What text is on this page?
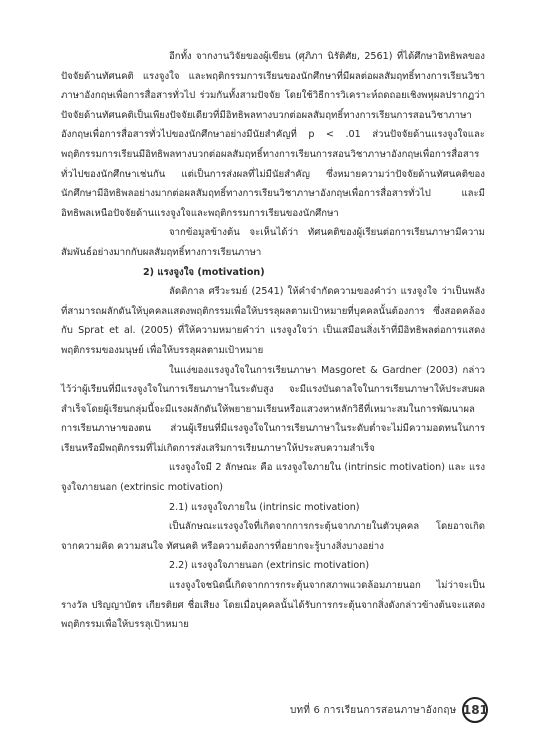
อีกทั้ง จากงานวิจัยของผู้เขียน (ศุภิภา นิรัติศัย, 2561) ที่ได้ศึกษาอิทธิพลของปัจจัยด้านทัศนคติ แรงจูงใจ และพฤติกรรมการเรียนของนักศึกษาที่มีผลต่อผลสัมฤทธิ์ทางการเรียนวิชาภาษาอังกฤษเพื่อการสื่อสารทั่วไป ร่วมกันทั้งสามปัจจัย โดยใช้วิธีการวิเคราะห์ถดถอยเชิงพหุผลปรากฏว่า ปัจจัยด้านทัศนคติเป็นเพียงปัจจัยเดียวที่มีอิทธิพลทางบวกต่อผลสัมฤทธิ์ทางการเรียนการสอนวิชาภาษาอังกฤษเพื่อการสื่อสารทั่วไปของนักศึกษาอย่างมีนัยสำคัญที่ p < .01 ส่วนปัจจัยด้านแรงจูงใจและพฤติกรรมการเรียนมีอิทธิพลทางบวกต่อผลสัมฤทธิ์ทางการเรียนการสอนวิชาภาษาอังกฤษเพื่อการสื่อสารทั่วไปของนักศึกษาเช่นกัน แต่เป็นการส่งผลที่ไม่มีนัยสำคัญ ซึ่งหมายความว่าปัจจัยด้านทัศนคติของนักศึกษามีอิทธิพลอย่างมากต่อผลสัมฤทธิ์ทางการเรียนวิชาภาษาอังกฤษเพื่อการสื่อสารทั่วไป และมีอิทธิพลเหนือปัจจัยด้านแรงจูงใจและพฤติกรรมการเรียนของนักศึกษา

จากข้อมูลข้างต้น จะเห็นได้ว่า ทัศนคติของผู้เรียนต่อการเรียนภาษามีความสัมพันธ์อย่างมากกับผลสัมฤทธิ์ทางการเรียนภาษา

2) แรงจูงใจ (motivation)

ลัดดิกาล ศรีวะรมย์ (2541) ให้คำจำกัดความของคำว่า แรงจูงใจ ว่าเป็นพลังที่สามารถผลักดันให้บุคคลแสดงพฤติกรรมเพื่อให้บรรลุผลตามเป้าหมายที่บุคคลนั้นต้องการ ซึ่งสอดคล้องกับ Sprat et al. (2005) ที่ให้ความหมายคำว่า แรงจูงใจว่า เป็นเสมือนสิ่งเร้าที่มีอิทธิพลต่อการแสดงพฤติกรรมของมนุษย์ เพื่อให้บรรลุผลตามเป้าหมาย

ในแง่ของแรงจูงใจในการเรียนภาษา Masgoret & Gardner (2003) กล่าวไว้ว่าผู้เรียนที่มีแรงจูงใจในการเรียนภาษาในระดับสูง จะมีแรงบันดาลใจในการเรียนภาษาให้ประสบผลสำเร็จโดยผู้เรียนกลุ่มนี้จะมีแรงผลักดันให้พยายามเรียนหรือแสวงหาหลักวิธีที่เหมาะสมในการพัฒนาผลการเรียนภาษาของตน ส่วนผู้เรียนที่มีแรงจูงใจในการเรียนภาษาในระดับต่ำจะไม่มีความอดทนในการเรียนหรือมีพฤติกรรมที่ไม่เกิดการส่งเสริมการเรียนภาษาให้ประสบความสำเร็จ

แรงจูงใจมี 2 ลักษณะ คือ แรงจูงใจภายใน (intrinsic motivation) และ แรงจูงใจภายนอก (extrinsic motivation)

2.1) แรงจูงใจภายใน (intrinsic motivation)

เป็นลักษณะแรงจูงใจที่เกิดจากการกระตุ้นจากภายในตัวบุคคล โดยอาจเกิดจากความคิด ความสนใจ ทัศนคติ หรือความต้องการที่อยากจะรู้บางสิ่งบางอย่าง

2.2) แรงจูงใจภายนอก (extrinsic motivation)

แรงจูงใจชนิดนี้เกิดจากการกระตุ้นจากสภาพแวดล้อมภายนอก ไม่ว่าจะเป็นรางวัล ปริญญาบัตร เกียรติยศ ชื่อเสียง โดยเมื่อบุคคลนั้นได้รับการกระตุ้นจากสิ่งดังกล่าวข้างต้นจะแสดงพฤติกรรมเพื่อให้บรรลุเป้าหมาย

บทที่ 6 การเรียนการสอนภาษาอังกฤษ 181
